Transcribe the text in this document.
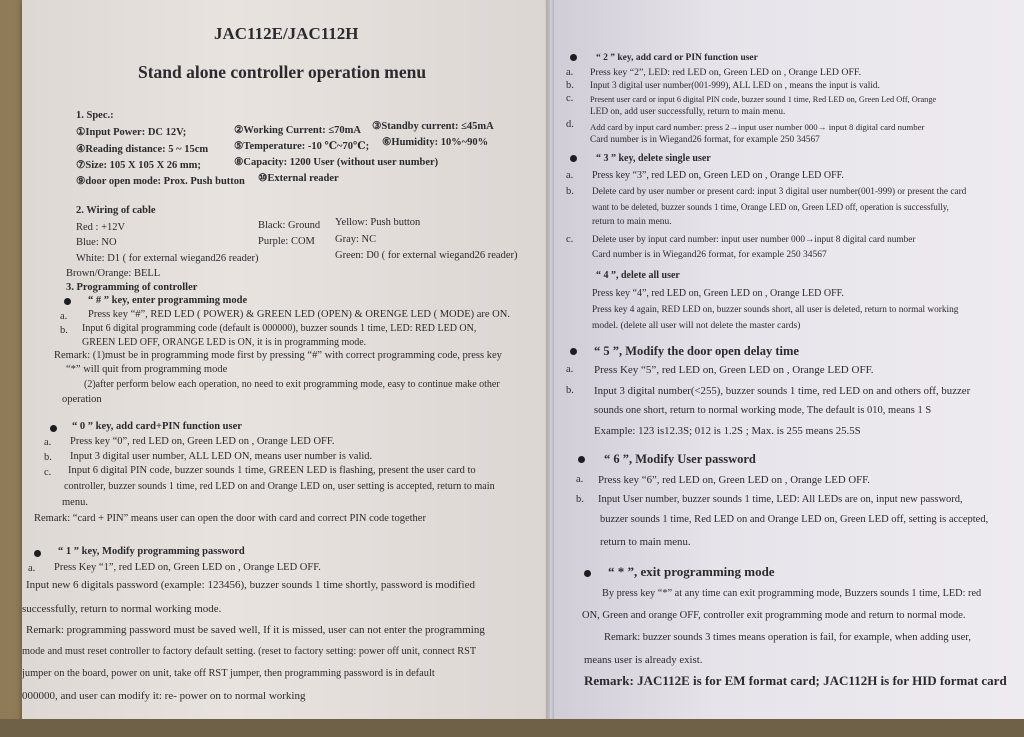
JAC112E/JAC112H
Stand alone controller operation menu
1. Spec.:
①Input Power: DC 12V;	②Working Current: ≤70mA ③Standby current: ≤45mA
④Reading distance: 5 ~ 15cm ⑤Temperature: -10 ℃~70℃; ⑥Humidity: 10%~90%
⑦Size: 105 X 105 X 26 mm;	⑧Capacity: 1200 User (without user number)
⑨door open mode: Prox. Push button ⑩External reader
2. Wiring of cable
Red : +12V	Black: Ground Yellow: Push button
Blue: NO	Purple: COM Gray: NC
White: D1 ( for external wiegand26 reader)	Green: D0 ( for external wiegand26 reader)
Brown/Orange: BELL
3. Programming of controller
“ # ” key, enter programming mode
a. Press key “#”, RED LED ( POWER) & GREEN LED (OPEN) & ORENGE LED ( MODE) are ON.
b. Input 6 digital programming code (default is 000000), buzzer sounds 1 time, LED: RED LED ON,
GREEN LED OFF, ORANGE LED is ON, it is in programming mode.
Remark: (1)must be in programming mode first by pressing “#” with correct programming code, press key
“*” will quit from programming mode
(2)after perform below each operation, no need to exit programming mode, easy to continue make other
operation
“ 0 ” key, add card+PIN function user
a. Press key “0”, red LED on, Green LED on , Orange LED OFF.
b. Input 3 digital user number, ALL LED ON, means user number is valid.
c. Input 6 digital PIN code, buzzer sounds 1 time, GREEN LED is flashing, present the user card to
controller, buzzer sounds 1 time, red LED on and Orange LED on, user setting is accepted, return to main
menu.
Remark: “card + PIN” means user can open the door with card and correct PIN code together
“ 1 ” key, Modify programming password
a. Press Key “1”, red LED on, Green LED on , Orange LED OFF.
Input new 6 digitals password (example: 123456), buzzer sounds 1 time shortly, password is modified
successfully, return to normal working mode.
Remark: programming password must be saved well, If it is missed, user can not enter the programming
mode and must reset controller to factory default setting. (reset to factory setting: power off unit, connect RST
jumper on the board, power on unit, take off RST jumper, then programming password is in default
000000, and user can modify it: re- power on to normal working
“ 2 ” key, add card or PIN function user
a. Press key “2”, LED: red LED on, Green LED on , Orange LED OFF.
b. Input 3 digital user number(001-999), ALL LED on , means the input is valid.
c. Present user card or input 6 digital PIN code, buzzer sound 1 time, Red LED on, Green Led Off, Orange
LED on, add user successfully, return to main menu.
d. Add card by input card number: press 2→input user number 000→ input 8 digital card number
Card number is in Wiegand26 format, for example 250 34567
“ 3 ” key, delete single user
a. Press key “3”, red LED on, Green LED on , Orange LED OFF.
b. Delete card by user number or present card: input 3 digital user number(001-999) or present the card
want to be deleted, buzzer sounds 1 time, Orange LED on, Green LED off, operation is successfully,
return to main menu.
c. Delete user by input card number: input user number 000→input 8 digital card number
Card number is in Wiegand26 format, for example 250 34567
“ 4 ”, delete all user
Press key “4”, red LED on, Green LED on , Orange LED OFF.
Press key 4 again, RED LED on, buzzer sounds short, all user is deleted, return to normal working
model. (delete all user will not delete the master cards)
“ 5 ”, Modify the door open delay time
a. Press Key “5”, red LED on, Green LED on , Orange LED OFF.
b. Input 3 digital number(<255), buzzer sounds 1 time, red LED on and others off, buzzer
sounds one short, return to normal working mode, The default is 010, means 1 S
Example: 123 is12.3S; 012 is 1.2S ; Max. is 255 means 25.5S
“ 6 ”, Modify User password
a. Press key “6”, red LED on, Green LED on , Orange LED OFF.
b. Input User number, buzzer sounds 1 time, LED: All LEDs are on, input new password,
buzzer sounds 1 time, Red LED on and Orange LED on, Green LED off, setting is accepted,
return to main menu.
“ * ”, exit programming mode
By press key “*” at any time can exit programming mode, Buzzers sounds 1 time, LED: red
ON, Green and orange OFF, controller exit programming mode and return to normal mode.
Remark: buzzer sounds 3 times means operation is fail, for example, when adding user,
means user is already exist.
Remark: JAC112E is for EM format card; JAC112H is for HID format card
